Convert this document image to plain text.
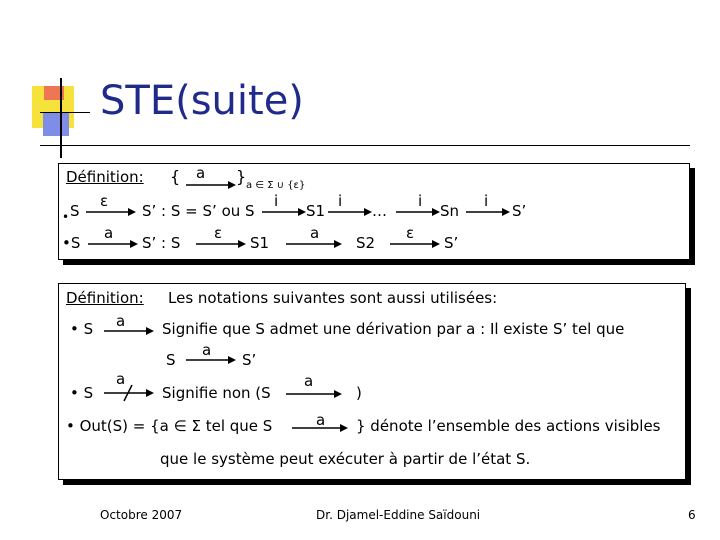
STE(suite)
Définition: { a } a ∈ Σ ∪ {ε}
• S
ε
S’ : S = S’ ou S
i
S1
i
…
i
Sn
i
S’
•S
a
S’ : S
ε
S1
a
S2
ε
S’
Définition: Les notations suivantes sont aussi utilisées:
• S a Signifie que S admet une dérivation par a : Il existe S’ tel que
S
a
S’
• S
a
Signifie non (S
a
)
• Out(S) = {a ∈ Σ tel que S	a } dénote l’ensemble des actions visibles
que le système peut exécuter à partir de l’état S.
Octobre 2007	Dr. Djamel-Eddine Saïdouni	6
